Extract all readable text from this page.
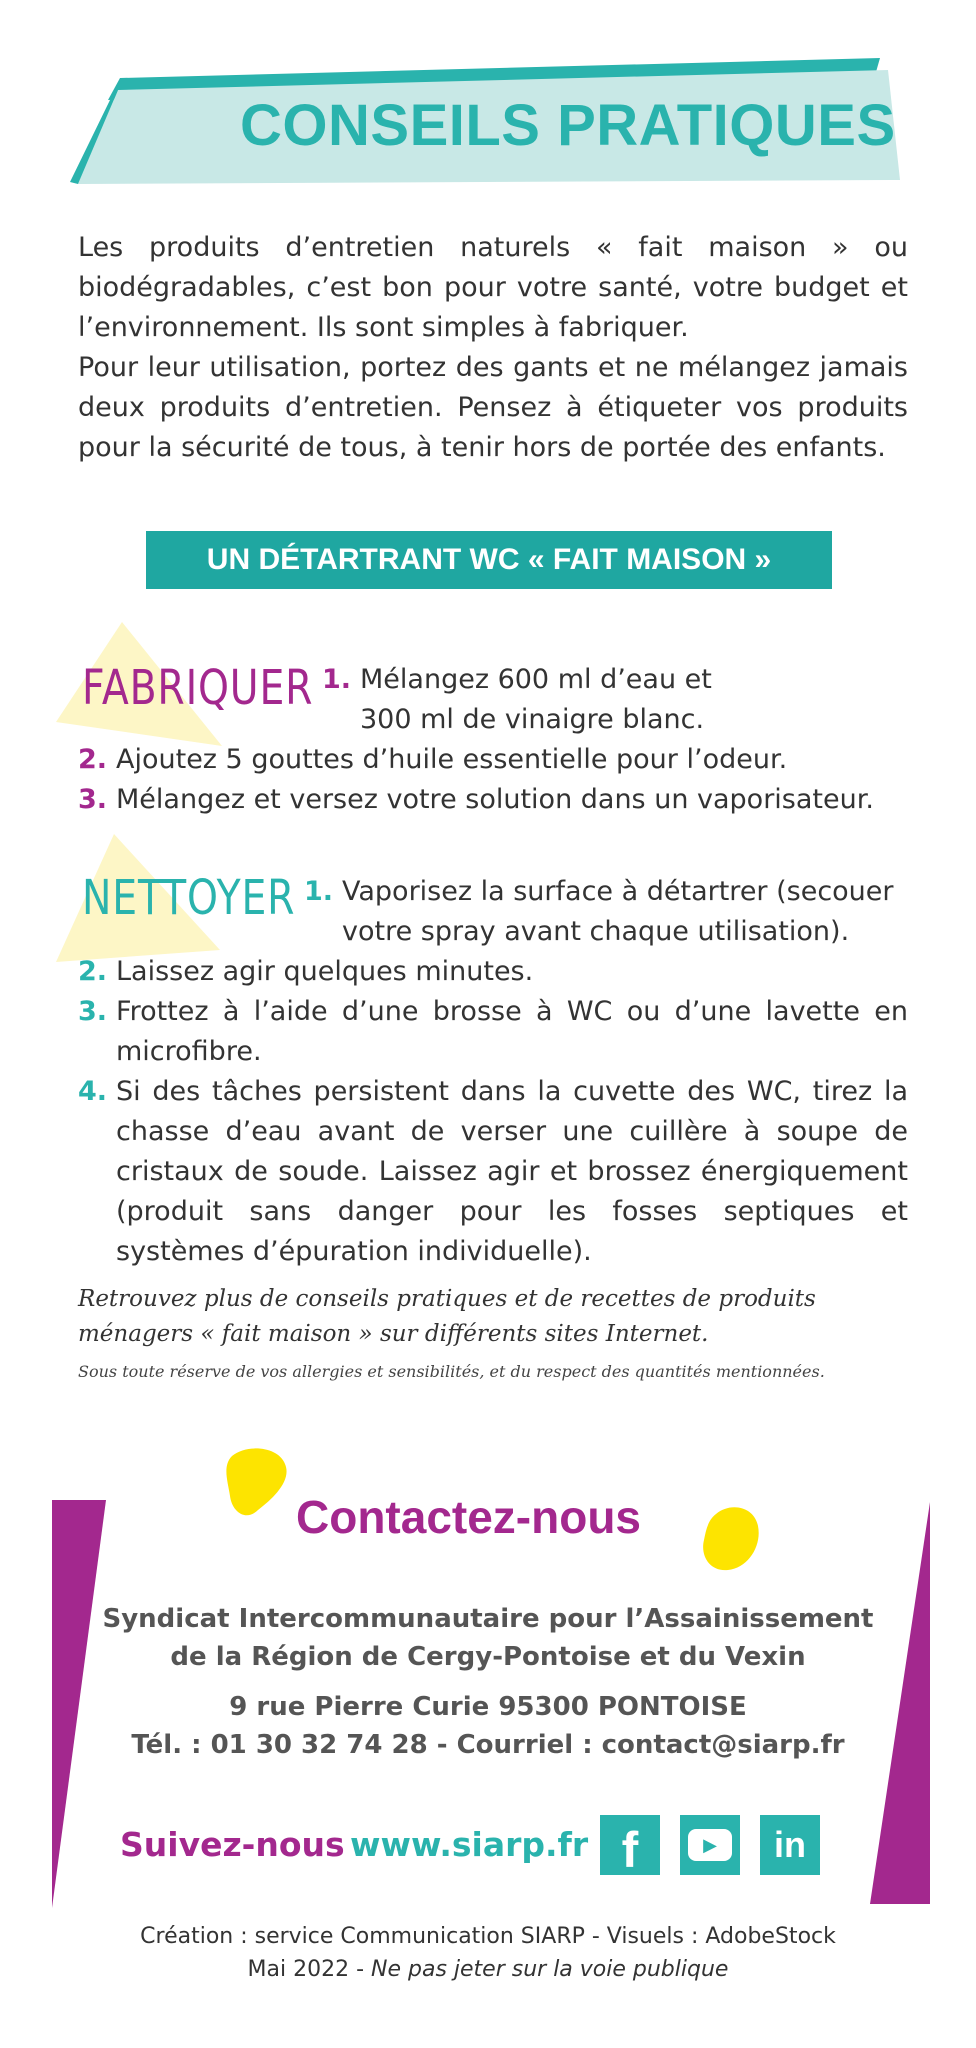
CONSEILS PRATIQUES

Les produits d’entretien naturels « fait maison » ou biodégradables, c’est bon pour votre santé, votre budget et l’environnement. Ils sont simples à fabriquer.

Pour leur utilisation, portez des gants et ne mélangez jamais deux produits d’entretien. Pensez à étiqueter vos produits pour la sécurité de tous, à tenir hors de portée des enfants.

UN DÉTARTRANT WC « FAIT MAISON »
FABRIQUER 1. Mélangez 600 ml d’eau et
300 ml de vinaigre blanc.
2. Ajoutez 5 gouttes d’huile essentielle pour l’odeur.
3. Mélangez et versez votre solution dans un vaporisateur.
NETTOYER 1. Vaporisez la surface à détartrer (secouer
votre spray avant chaque utilisation).
2. Laissez agir quelques minutes.
3. Frottez à l’aide d’une brosse à WC ou d’une lavette en microfibre.
4. Si des tâches persistent dans la cuvette des WC, tirez la chasse d’eau avant de verser une cuillère à soupe de cristaux de soude. Laissez agir et brossez énergiquement (produit sans danger pour les fosses septiques et systèmes d’épuration individuelle).
Retrouvez plus de conseils pratiques et de recettes de produits ménagers « fait maison » sur différents sites Internet.
Sous toute réserve de vos allergies et sensibilités, et du respect des quantités mentionnées.
Contactez-nous
Syndicat Intercommunautaire pour l’Assainissement
de la Région de Cergy-Pontoise et du Vexin
9 rue Pierre Curie 95300 PONTOISE
Tél. : 01 30 32 74 28 - Courriel : contact@siarp.fr
Suivez-nous www.siarp.fr f	▶ in
Création : service Communication SIARP - Visuels : AdobeStock
Mai 2022 - Ne pas jeter sur la voie publique
